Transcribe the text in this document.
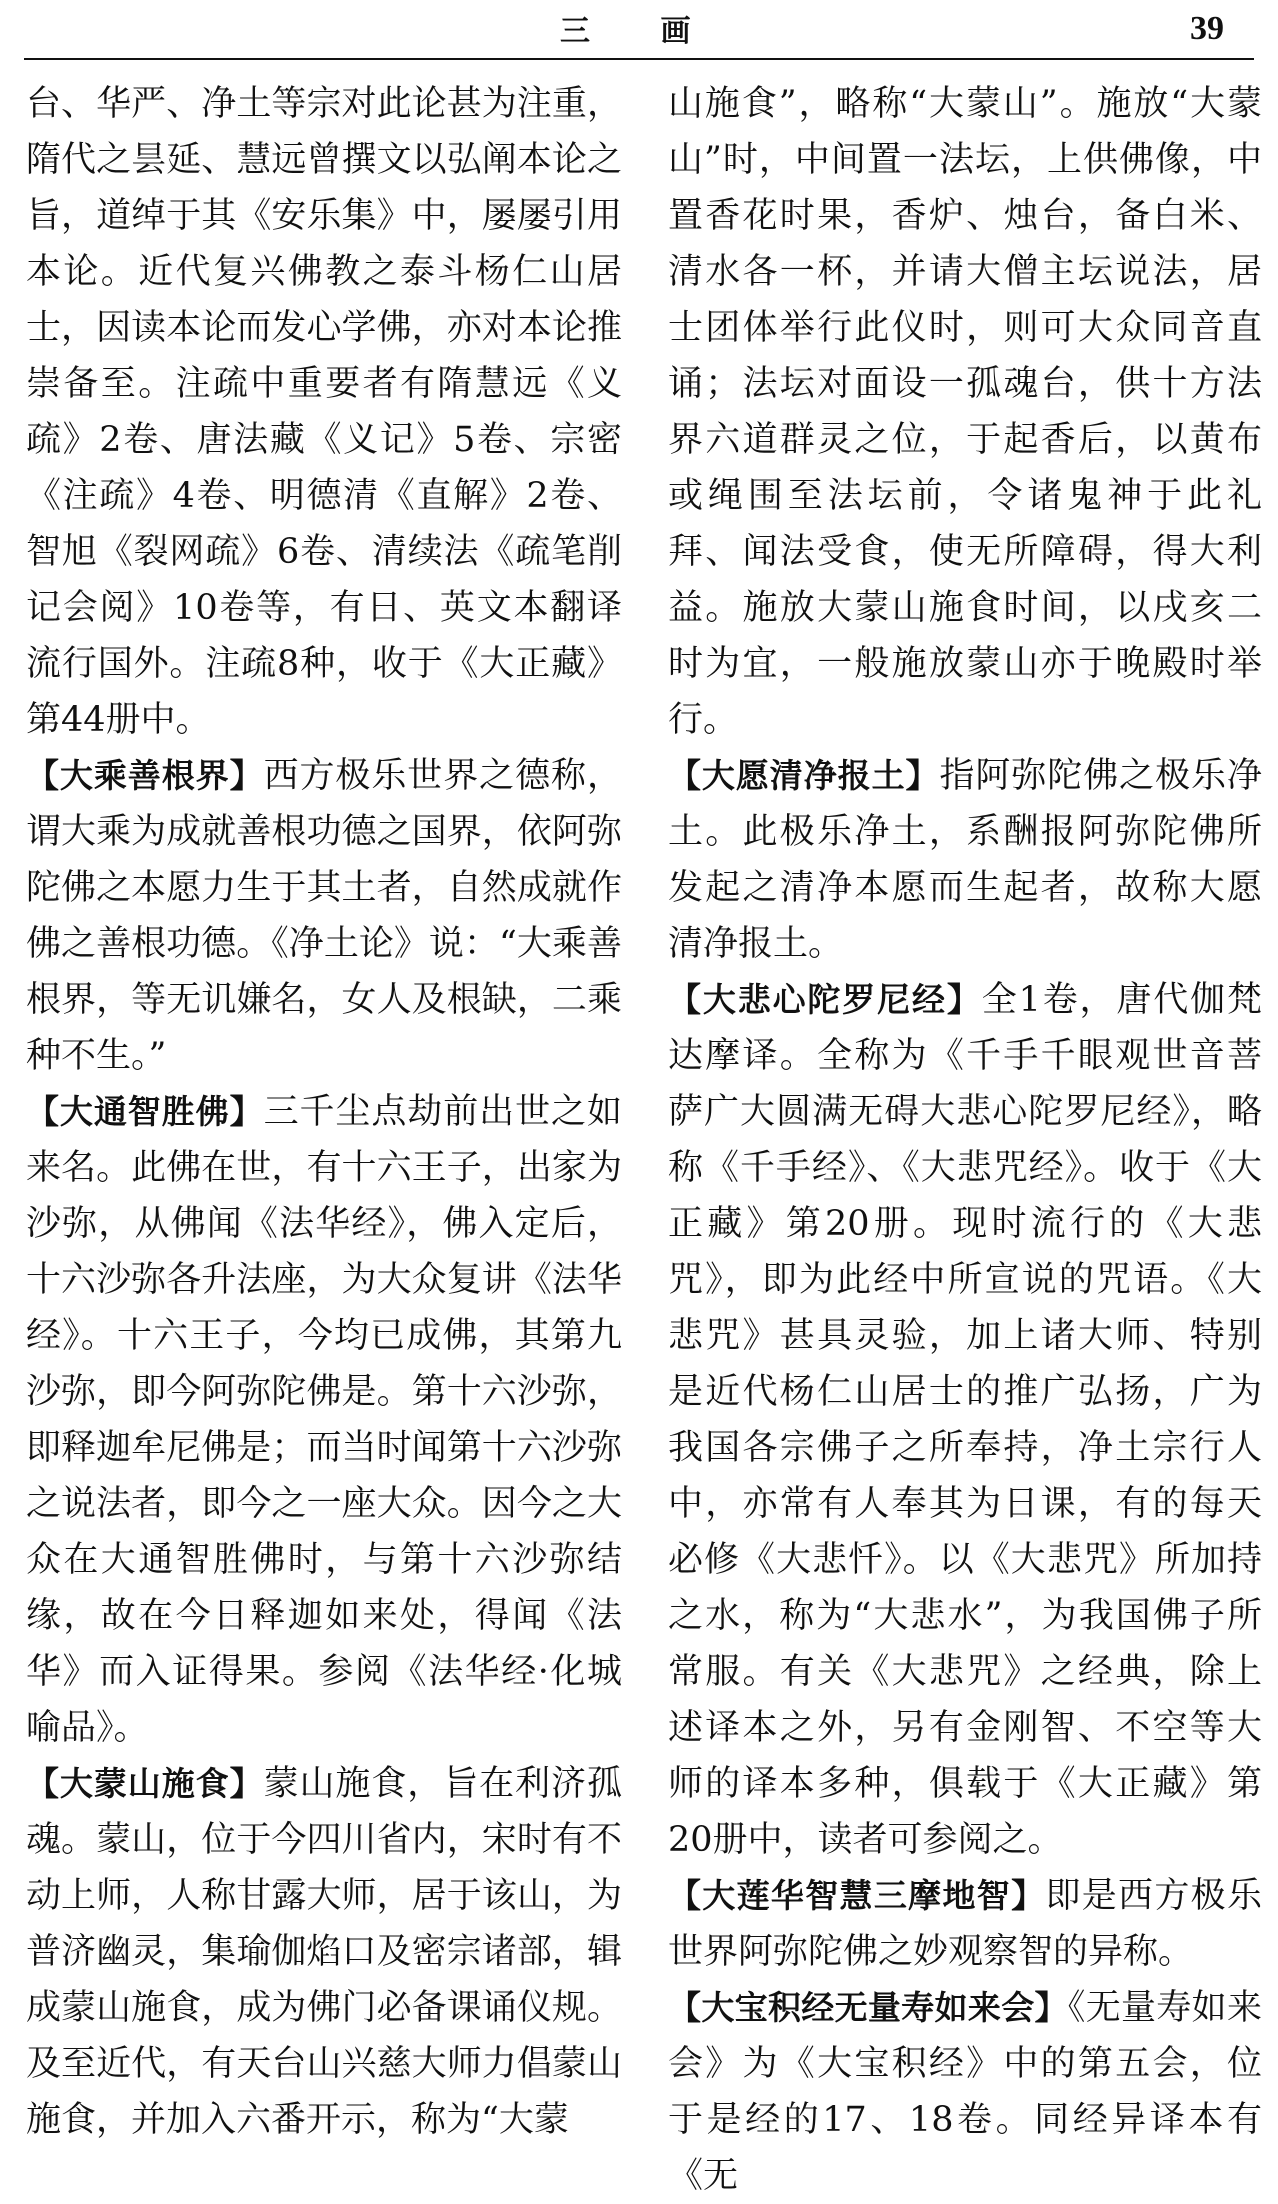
三 画	39

台、华严、净土等宗对此论甚为注重，隋代之昙延、慧远曾撰文以弘阐本论之旨，道绰于其《安乐集》中，屡屡引用本论。近代复兴佛教之泰斗杨仁山居士，因读本论而发心学佛，亦对本论推崇备至。注疏中重要者有隋慧远《义疏》2卷、唐法藏《义记》5卷、宗密《注疏》4卷、明德清《直解》2卷、智旭《裂网疏》6卷、清续法《疏笔削记会阅》10卷等，有日、英文本翻译流行国外。注疏8种，收于《大正藏》第44册中。

【大乘善根界】西方极乐世界之德称，谓大乘为成就善根功德之国界，依阿弥陀佛之本愿力生于其土者，自然成就作佛之善根功德。《净土论》说：“大乘善根界，等无讥嫌名，女人及根缺，二乘种不生。”

【大通智胜佛】三千尘点劫前出世之如来名。此佛在世，有十六王子，出家为沙弥，从佛闻《法华经》，佛入定后，十六沙弥各升法座，为大众复讲《法华经》。十六王子，今均已成佛，其第九沙弥，即今阿弥陀佛是。第十六沙弥，即释迦牟尼佛是；而当时闻第十六沙弥之说法者，即今之一座大众。因今之大众在大通智胜佛时，与第十六沙弥结缘，故在今日释迦如来处，得闻《法华》而入证得果。参阅《法华经·化城喻品》。

【大蒙山施食】蒙山施食，旨在利济孤魂。蒙山，位于今四川省内，宋时有不动上师，人称甘露大师，居于该山，为普济幽灵，集瑜伽焰口及密宗诸部，辑成蒙山施食，成为佛门必备课诵仪规。及至近代，有天台山兴慈大师力倡蒙山施食，并加入六番开示，称为“大蒙

山施食”，略称“大蒙山”。施放“大蒙山”时，中间置一法坛，上供佛像，中置香花时果，香炉、烛台，备白米、清水各一杯，并请大僧主坛说法，居士团体举行此仪时，则可大众同音直诵；法坛对面设一孤魂台，供十方法界六道群灵之位，于起香后，以黄布或绳围至法坛前，令诸鬼神于此礼拜、闻法受食，使无所障碍，得大利益。施放大蒙山施食时间，以戌亥二时为宜，一般施放蒙山亦于晚殿时举行。

【大愿清净报土】指阿弥陀佛之极乐净土。此极乐净土，系酬报阿弥陀佛所发起之清净本愿而生起者，故称大愿清净报土。

【大悲心陀罗尼经】全1卷，唐代伽梵达摩译。全称为《千手千眼观世音菩萨广大圆满无碍大悲心陀罗尼经》，略称《千手经》、《大悲咒经》。收于《大正藏》第20册。现时流行的《大悲咒》，即为此经中所宣说的咒语。《大悲咒》甚具灵验，加上诸大师、特别是近代杨仁山居士的推广弘扬，广为我国各宗佛子之所奉持，净土宗行人中，亦常有人奉其为日课，有的每天必修《大悲忏》。以《大悲咒》所加持之水，称为“大悲水”，为我国佛子所常服。有关《大悲咒》之经典，除上述译本之外，另有金刚智、不空等大师的译本多种，俱载于《大正藏》第20册中，读者可参阅之。

【大莲华智慧三摩地智】即是西方极乐世界阿弥陀佛之妙观察智的异称。

【大宝积经无量寿如来会】《无量寿如来会》为《大宝积经》中的第五会，位于是经的17、18卷。同经异译本有《无
